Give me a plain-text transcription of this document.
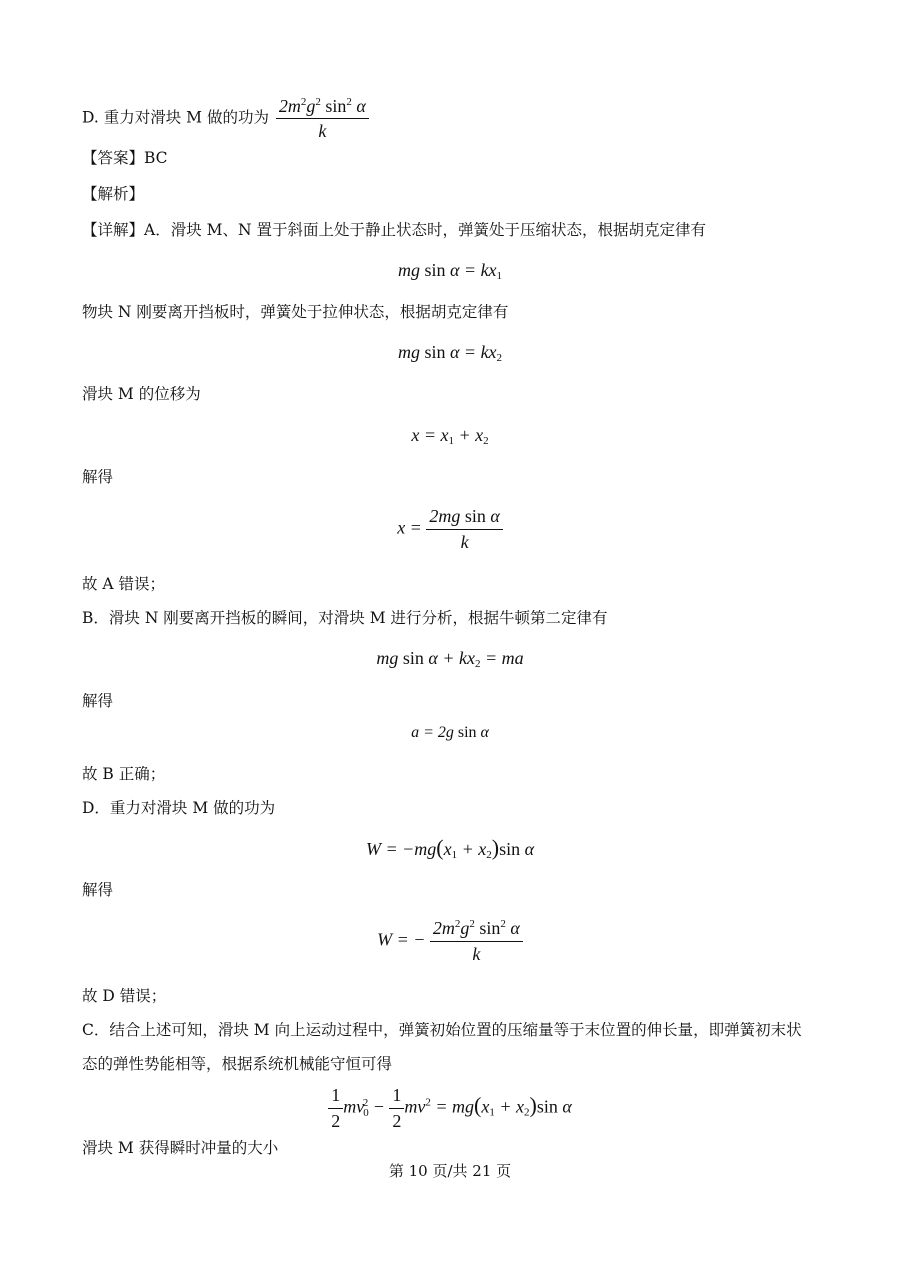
D. 重力对滑块 M 做的功为 $\frac{2m^2g^2 \sin^2 \alpha}{k}$
【答案】BC
【解析】
【详解】A．滑块 M、N 置于斜面上处于静止状态时，弹簧处于压缩状态，根据胡克定律有
mg $\sin \alpha = kx_1$
物块 N 刚要离开挡板时，弹簧处于拉伸状态，根据胡克定律有
mg $\sin \alpha = kx_2$
滑块 M 的位移为
$x = x_1 + x_2$
解得
$x = \frac{\text{2mg sin α}}{k}$
故 A 错误；
B．滑块 N 刚要离开挡板的瞬间，对滑块 M 进行分析，根据牛顿第二定律有
mg $\sin \alpha + kx_2$ = ma
解得
a = 2g sin α
故 B 正确；
D．重力对滑块 M 做的功为
$W = -mg(x_1 + x_2)\sin$ α
解得
W = − $\frac{2m^2g^2 \sin^2 \alpha}{k}$
故 D 错误；
C．结合上述可知，滑块 M 向上运动过程中，弹簧初始位置的压缩量等于末位置的伸长量，即弹簧初末状
态的弹性势能相等，根据系统机械能守恒可得
$\frac{1}{2} mv_0^2 - \frac{1}{2} mv^2 = mg(x_1 + x_2)\sin$ α
滑块 M 获得瞬时冲量的大小
第 10 页/共 21 页
